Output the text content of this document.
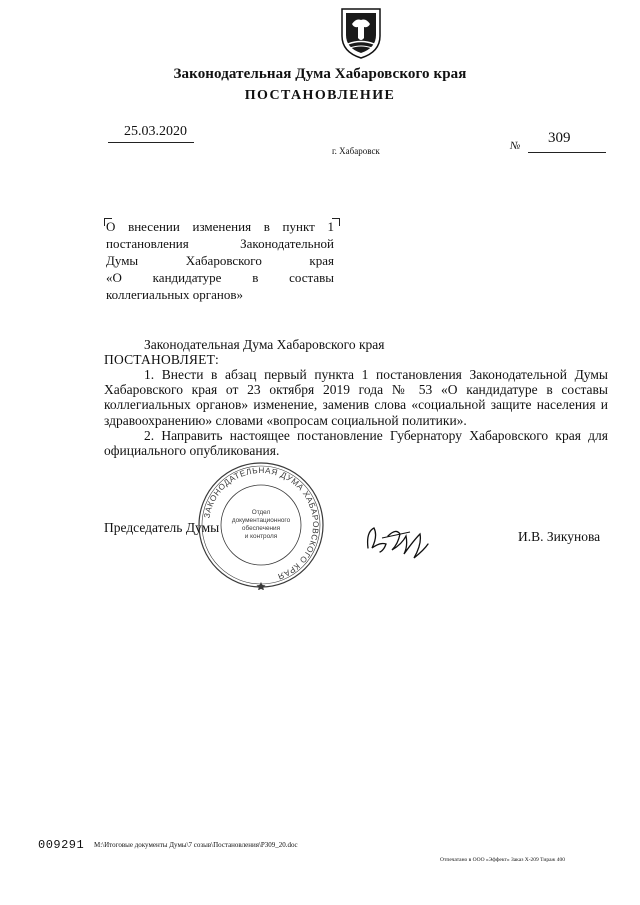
Законодательная Дума Хабаровского края
ПОСТАНОВЛЕНИЕ
25.03.2020
г. Хабаровск	№ 309
О внесении изменения в пункт 1
постановления Законодательной
Думы Хабаровского края
«О кандидатуре в составы
коллегиальных органов»
Законодательная Дума Хабаровского края
ПОСТАНОВЛЯЕТ:

1. Внести в абзац первый пункта 1 постановления Законодательной Думы Хабаровского края от 23 октября 2019 года № 53 «О кандидатуре в составы коллегиальных органов» изменение, заменив слова «социальной защите населения и здравоохранению» словами «вопросам социальной политики».

2. Направить настоящее постановление Губернатору Хабаровского края для официального опубликования.

ЗАКОНОДАТЕЛЬНАЯ ДУМА ХАБАРОВСКОГО КРАЯ
Отдел
документационного
обеспечения
и контроля
Председатель Думы
И.В. Зикунова
009291 M:\Итоговые документы Думы\7 созыв\Постановления\Р309_20.doc
Отпечатано в ООО «Эффект» Заказ Х-209 Тираж 400
